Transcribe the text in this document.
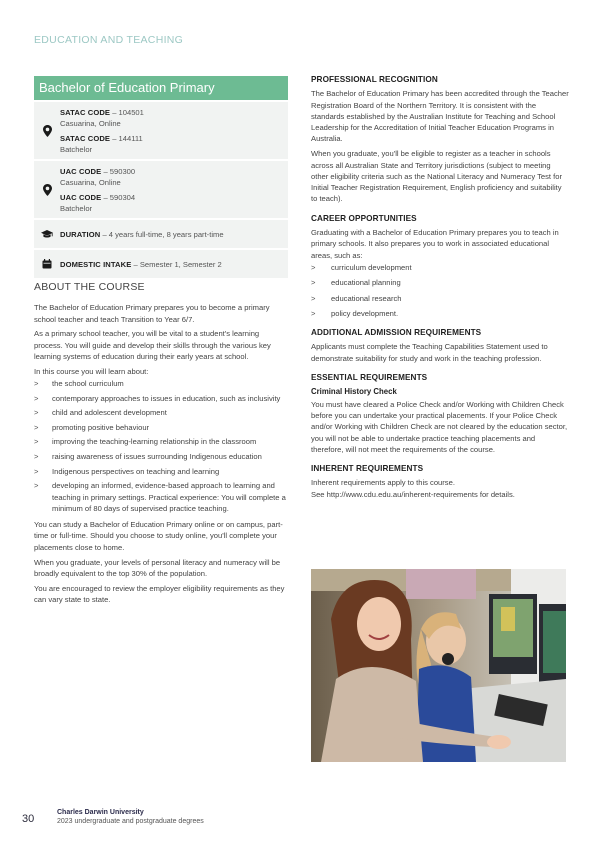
EDUCATION AND TEACHING
Bachelor of Education Primary
SATAC CODE – 104501
Casuarina, Online
SATAC CODE – 144111
Batchelor
UAC CODE – 590300
Casuarina, Online
UAC CODE – 590304
Batchelor
DURATION – 4 years full-time, 8 years part-time
DOMESTIC INTAKE – Semester 1, Semester 2
ABOUT THE COURSE

The Bachelor of Education Primary prepares you to become a primary school teacher and teach Transition to Year 6/7.

As a primary school teacher, you will be vital to a student's learning process. You will guide and develop their skills through the various key learning systems of education during their early years at school.

In this course you will learn about:

>	the school curriculum
>	contemporary approaches to issues in education, such as inclusivity
>	child and adolescent development
>	promoting positive behaviour
>	improving the teaching-learning relationship in the classroom
>	raising awareness of issues surrounding Indigenous education
>	Indigenous perspectives on teaching and learning
>	developing an informed, evidence-based approach to learning and teaching in primary settings. Practical experience: You will complete a minimum of 80 days of supervised practice teaching.

You can study a Bachelor of Education Primary online or on campus, part-time or full-time. Should you choose to study online, you'll complete your placements close to home.

When you graduate, your levels of personal literacy and numeracy will be broadly equivalent to the top 30% of the population.

You are encouraged to review the employer eligibility requirements as they can vary state to state.

PROFESSIONAL RECOGNITION

The Bachelor of Education Primary has been accredited through the Teacher Registration Board of the Northern Territory. It is consistent with the standards established by the Australian Institute for Teaching and School Leadership for the Accreditation of Initial Teacher Education Programs in Australia.

When you graduate, you'll be eligible to register as a teacher in schools across all Australian State and Territory jurisdictions (subject to meeting other eligibility criteria such as the National Literacy and Numeracy Test for Initial Teacher Registration Requirement, English proficiency and suitability to teach).

CAREER OPPORTUNITIES

Graduating with a Bachelor of Education Primary prepares you to teach in primary schools. It also prepares you to work in associated educational areas, such as:

>	curriculum development
>	educational planning
>	educational research
>	policy development.
ADDITIONAL ADMISSION REQUIREMENTS

Applicants must complete the Teaching Capabilities Statement used to demonstrate suitability for study and work in the teaching profession.

ESSENTIAL REQUIREMENTS
Criminal History Check

You must have cleared a Police Check and/or Working with Children Check before you can undertake your practical placements. If your Police Check and/or Working with Children Check are not cleared by the education sector, you will not be able to undertake practice teaching placements and therefore, will not meet the requirements of the course.

INHERENT REQUIREMENTS
Inherent requirements apply to this course.
See http://www.cdu.edu.au/inherent-requirements for details.
30
Charles Darwin University
2023 undergraduate and postgraduate degrees
